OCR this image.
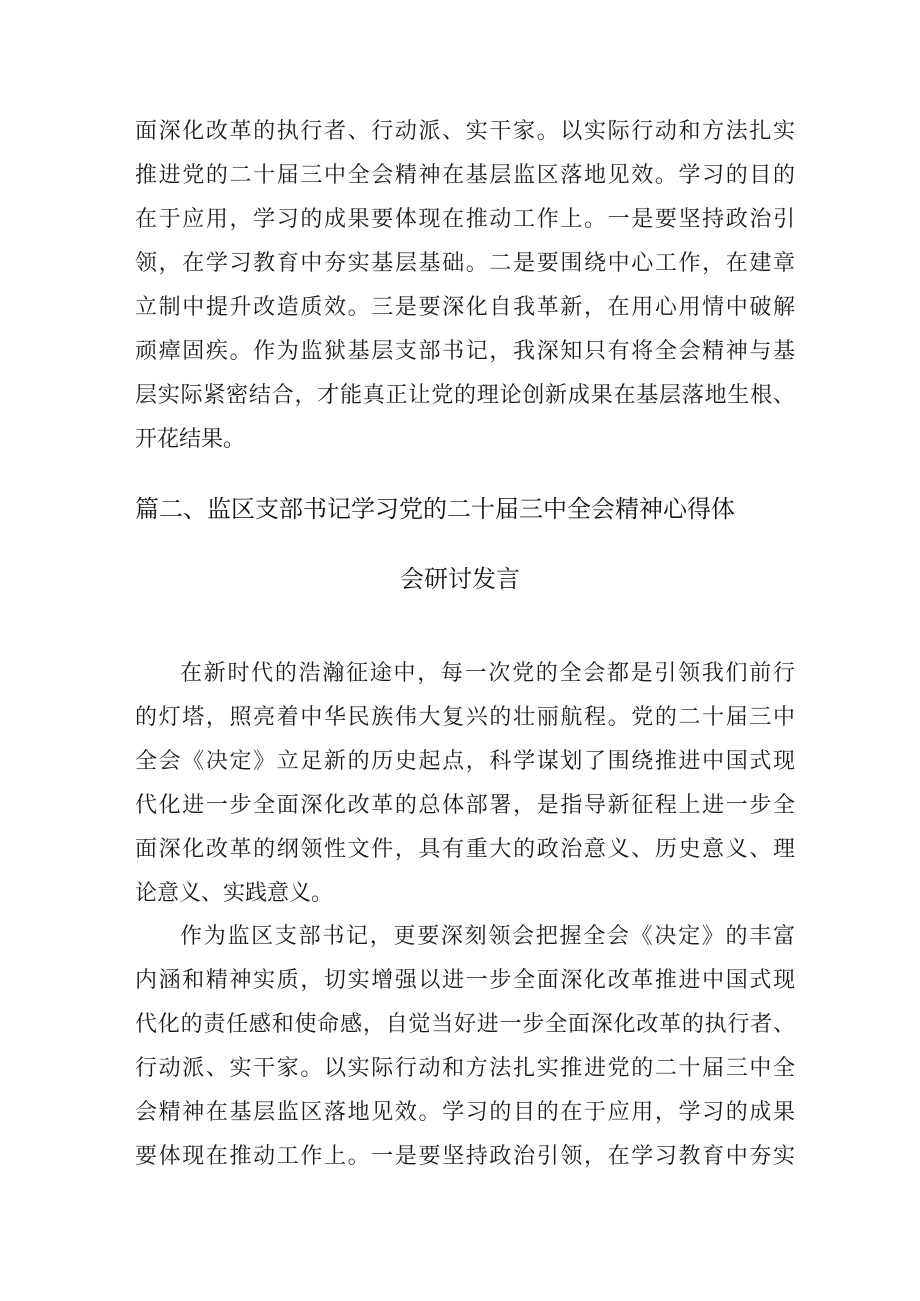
面深化改革的执行者、行动派、实干家。以实际行动和方法扎实
推进党的二十届三中全会精神在基层监区落地见效。学习的目的
在于应用，学习的成果要体现在推动工作上。一是要坚持政治引
领，在学习教育中夯实基层基础。二是要围绕中心工作，在建章
立制中提升改造质效。三是要深化自我革新，在用心用情中破解
顽瘴固疾。作为监狱基层支部书记，我深知只有将全会精神与基
层实际紧密结合，才能真正让党的理论创新成果在基层落地生根、
开花结果。
篇二、监区支部书记学习党的二十届三中全会精神心得体
会研讨发言
在新时代的浩瀚征途中，每一次党的全会都是引领我们前行
的灯塔，照亮着中华民族伟大复兴的壮丽航程。党的二十届三中
全会《决定》立足新的历史起点，科学谋划了围绕推进中国式现
代化进一步全面深化改革的总体部署，是指导新征程上进一步全
面深化改革的纲领性文件，具有重大的政治意义、历史意义、理
论意义、实践意义。
作为监区支部书记，更要深刻领会把握全会《决定》的丰富
内涵和精神实质，切实增强以进一步全面深化改革推进中国式现
代化的责任感和使命感，自觉当好进一步全面深化改革的执行者、
行动派、实干家。以实际行动和方法扎实推进党的二十届三中全
会精神在基层监区落地见效。学习的目的在于应用，学习的成果
要体现在推动工作上。一是要坚持政治引领，在学习教育中夯实
